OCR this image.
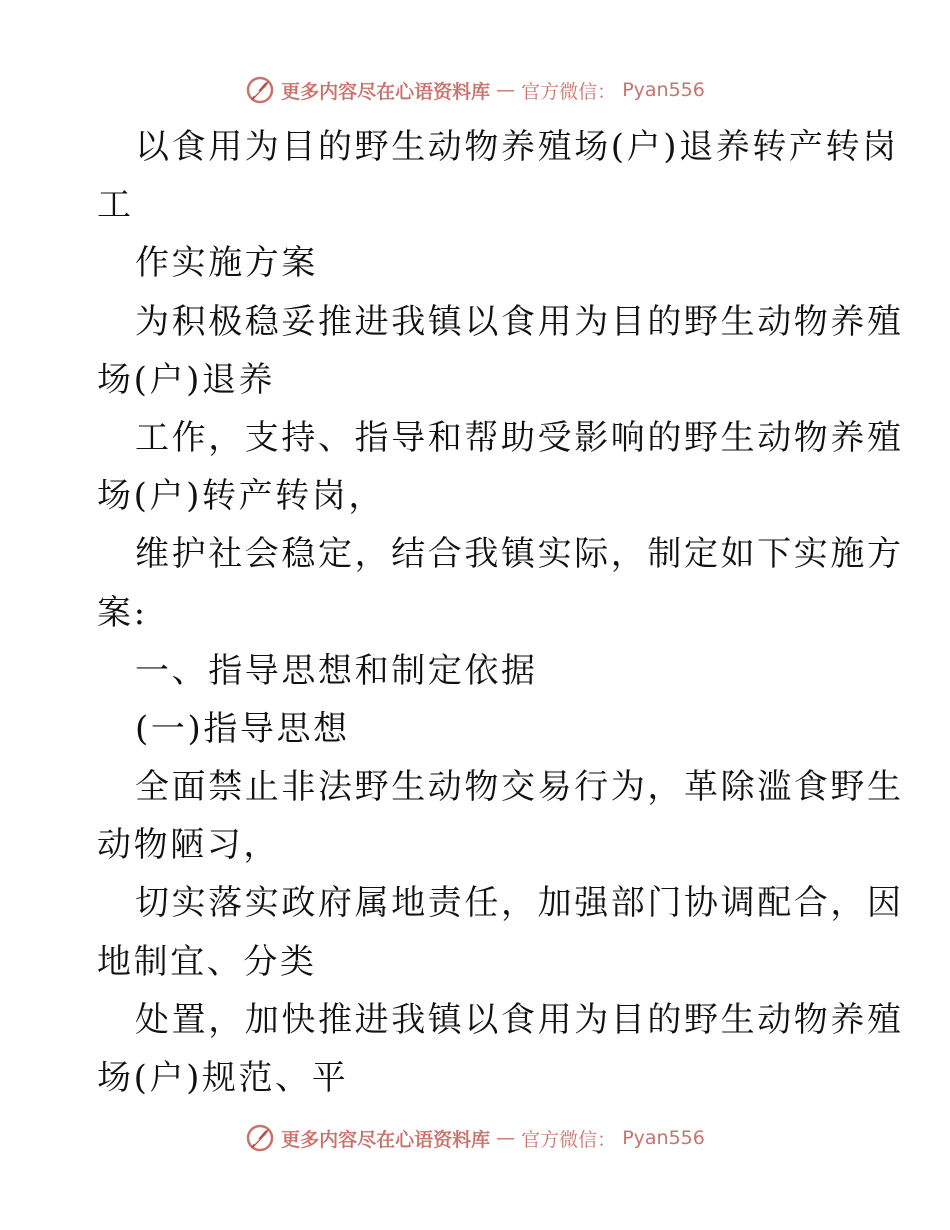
更多内容尽在心语资料库 — 官方微信： Pyan556
以食用为目的野生动物养殖场(户)退养转产转岗
工
作实施方案
为积极稳妥推进我镇以食用为目的野生动物养殖
场(户)退养
工作，支持、指导和帮助受影响的野生动物养殖
场(户)转产转岗，
维护社会稳定，结合我镇实际，制定如下实施方
案:
一、指导思想和制定依据
(一)指导思想
全面禁止非法野生动物交易行为，革除滥食野生
动物陋习，
切实落实政府属地责任，加强部门协调配合，因
地制宜、分类
处置，加快推进我镇以食用为目的野生动物养殖
场(户)规范、平
更多内容尽在心语资料库 — 官方微信： Pyan556
